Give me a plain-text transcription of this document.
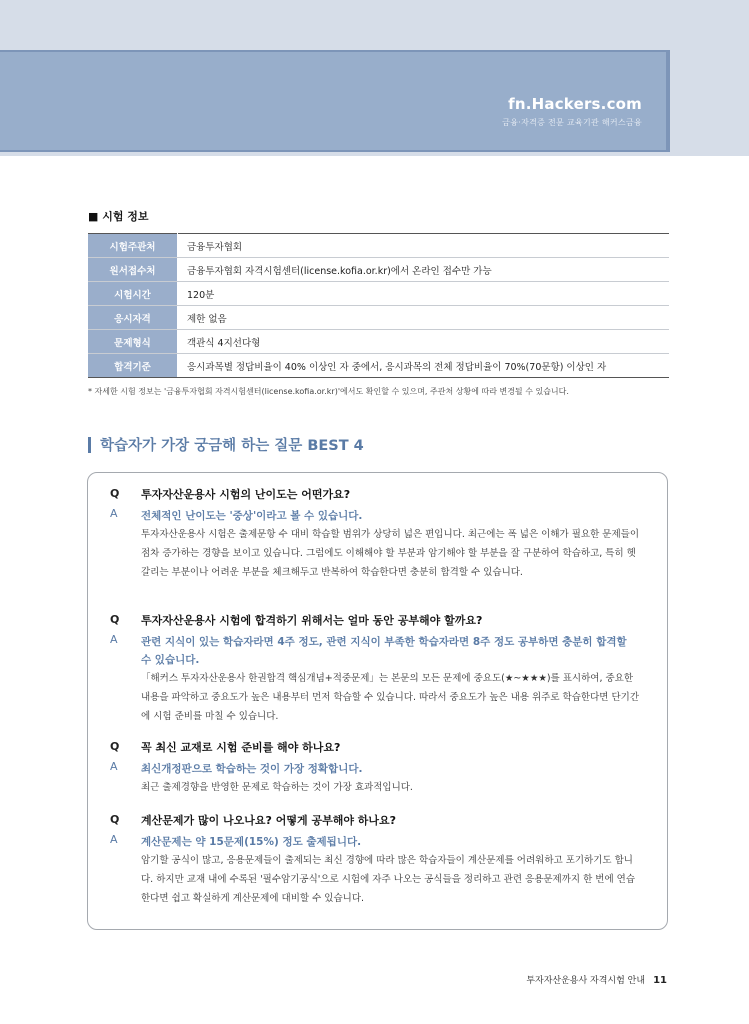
fn.Hackers.com
금융·자격증 전문 교육기관 해커스금융
■ 시험 정보
시험주관처	금융투자협회
원서접수처	금융투자협회 자격시험센터(license.kofia.or.kr)에서 온라인 접수만 가능
시험시간	120분
응시자격	제한 없음
문제형식	객관식 4지선다형
합격기준	응시과목별 정답비율이 40% 이상인 자 중에서, 응시과목의 전체 정답비율이 70%(70문항) 이상인 자
* 자세한 시험 정보는 '금융투자협회 자격시험센터(license.kofia.or.kr)'에서도 확인할 수 있으며, 주관처 상황에 따라 변경될 수 있습니다.
학습자가 가장 궁금해 하는 질문 BEST 4
Q	투자자산운용사 시험의 난이도는 어떤가요?
A	전체적인 난이도는 '중상'이라고 볼 수 있습니다.
투자자산운용사 시험은 출제문항 수 대비 학습할 범위가 상당히 넓은 편입니다. 최근에는 폭 넓은 이해가 필요한 문제들이 점차 증가하는 경향을 보이고 있습니다. 그럼에도 이해해야 할 부분과 암기해야 할 부분을 잘 구분하여 학습하고, 특히 헷갈리는 부분이나 어려운 부분을 체크해두고 반복하여 학습한다면 충분히 합격할 수 있습니다.
Q	투자자산운용사 시험에 합격하기 위해서는 얼마 동안 공부해야 할까요?
A	관련 지식이 있는 학습자라면 4주 정도, 관련 지식이 부족한 학습자라면 8주 정도 공부하면 충분히 합격할 수 있습니다.
「해커스 투자자산운용사 한권합격 핵심개념+적중문제」는 본문의 모든 문제에 중요도(★~★★★)를 표시하여, 중요한 내용을 파악하고 중요도가 높은 내용부터 먼저 학습할 수 있습니다. 따라서 중요도가 높은 내용 위주로 학습한다면 단기간에 시험 준비를 마칠 수 있습니다.
Q	꼭 최신 교재로 시험 준비를 해야 하나요?
A	최신개정판으로 학습하는 것이 가장 정확합니다.
최근 출제경향을 반영한 문제로 학습하는 것이 가장 효과적입니다.
Q	계산문제가 많이 나오나요? 어떻게 공부해야 하나요?
A	계산문제는 약 15문제(15%) 정도 출제됩니다.
암기할 공식이 많고, 응용문제들이 출제되는 최신 경향에 따라 많은 학습자들이 계산문제를 어려워하고 포기하기도 합니다. 하지만 교재 내에 수록된 '필수암기공식'으로 시험에 자주 나오는 공식들을 정리하고 관련 응용문제까지 한 번에 연습한다면 쉽고 확실하게 계산문제에 대비할 수 있습니다.
투자자산운용사 자격시험 안내 11
